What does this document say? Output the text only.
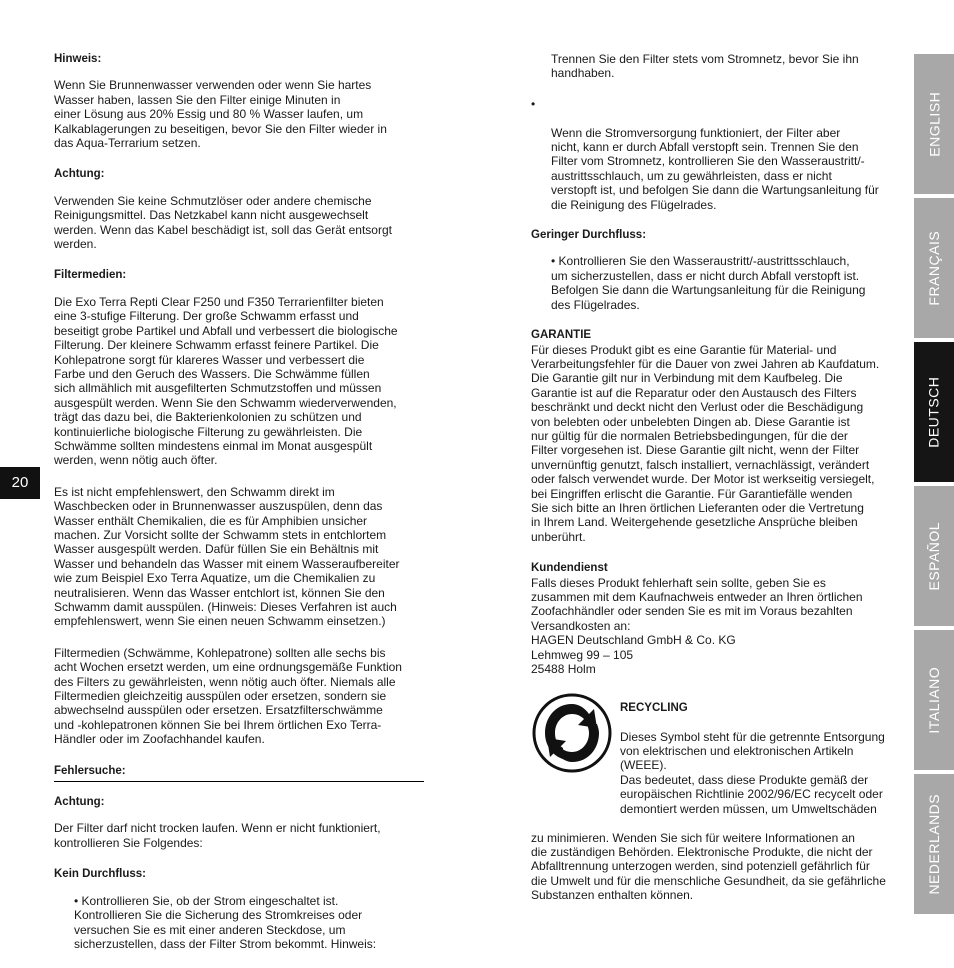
20
ENGLISH
FRANÇAIS
DEUTSCH
ESPAÑOL
ITALIANO
NEDERLANDS

Hinweis:

Wenn Sie Brunnenwasser verwenden oder wenn Sie hartes
Wasser haben, lassen Sie den Filter einige Minuten in
einer Lösung aus 20% Essig und 80 % Wasser laufen, um
Kalkablagerungen zu beseitigen, bevor Sie den Filter wieder in
das Aqua-Terrarium setzen.

Achtung:

Verwenden Sie keine Schmutzlöser oder andere chemische
Reinigungsmittel. Das Netzkabel kann nicht ausgewechselt
werden. Wenn das Kabel beschädigt ist, soll das Gerät entsorgt
werden.

Filtermedien:

Die Exo Terra Repti Clear F250 und F350 Terrarienfilter bieten
eine 3-stufige Filterung. Der große Schwamm erfasst und
beseitigt grobe Partikel und Abfall und verbessert die biologische
Filterung. Der kleinere Schwamm erfasst feinere Partikel. Die
Kohlepatrone sorgt für klareres Wasser und verbessert die
Farbe und den Geruch des Wassers. Die Schwämme füllen
sich allmählich mit ausgefilterten Schmutzstoffen und müssen
ausgespült werden. Wenn Sie den Schwamm wiederverwenden,
trägt das dazu bei, die Bakterienkolonien zu schützen und
kontinuierliche biologische Filterung zu gewährleisten. Die
Schwämme sollten mindestens einmal im Monat ausgespült
werden, wenn nötig auch öfter.

Es ist nicht empfehlenswert, den Schwamm direkt im
Waschbecken oder in Brunnenwasser auszuspülen, denn das
Wasser enthält Chemikalien, die es für Amphibien unsicher
machen. Zur Vorsicht sollte der Schwamm stets in entchlortem
Wasser ausgespült werden. Dafür füllen Sie ein Behältnis mit
Wasser und behandeln das Wasser mit einem Wasseraufbereiter
wie zum Beispiel Exo Terra Aquatize, um die Chemikalien zu
neutralisieren. Wenn das Wasser entchlort ist, können Sie den
Schwamm damit ausspülen. (Hinweis: Dieses Verfahren ist auch
empfehlenswert, wenn Sie einen neuen Schwamm einsetzen.)

Filtermedien (Schwämme, Kohlepatrone) sollten alle sechs bis
acht Wochen ersetzt werden, um eine ordnungsgemäße Funktion
des Filters zu gewährleisten, wenn nötig auch öfter. Niemals alle
Filtermedien gleichzeitig ausspülen oder ersetzen, sondern sie
abwechselnd ausspülen oder ersetzen. Ersatzfilterschwämme
und -kohlepatronen können Sie bei Ihrem örtlichen Exo Terra-
Händler oder im Zoofachhandel kaufen.

Fehlersuche:

Achtung:

Der Filter darf nicht trocken laufen. Wenn er nicht funktioniert,
kontrollieren Sie Folgendes:

Kein Durchfluss:

• Kontrollieren Sie, ob der Strom eingeschaltet ist.
Kontrollieren Sie die Sicherung des Stromkreises oder
versuchen Sie es mit einer anderen Steckdose, um
sicherzustellen, dass der Filter Strom bekommt. Hinweis:

Trennen Sie den Filter stets vom Stromnetz, bevor Sie ihn
handhaben.

•

Wenn die Stromversorgung funktioniert, der Filter aber
nicht, kann er durch Abfall verstopft sein. Trennen Sie den
Filter vom Stromnetz, kontrollieren Sie den Wasseraustritt/-
austrittsschlauch, um zu gewährleisten, dass er nicht
verstopft ist, und befolgen Sie dann die Wartungsanleitung für
die Reinigung des Flügelrades.

Geringer Durchfluss:

• Kontrollieren Sie den Wasseraustritt/-austrittsschlauch,
um sicherzustellen, dass er nicht durch Abfall verstopft ist.
Befolgen Sie dann die Wartungsanleitung für die Reinigung
des Flügelrades.

GARANTIE

Für dieses Produkt gibt es eine Garantie für Material- und
Verarbeitungsfehler für die Dauer von zwei Jahren ab Kaufdatum.
Die Garantie gilt nur in Verbindung mit dem Kaufbeleg. Die
Garantie ist auf die Reparatur oder den Austausch des Filters
beschränkt und deckt nicht den Verlust oder die Beschädigung
von belebten oder unbelebten Dingen ab. Diese Garantie ist
nur gültig für die normalen Betriebsbedingungen, für die der
Filter vorgesehen ist. Diese Garantie gilt nicht, wenn der Filter
unvernünftig genutzt, falsch installiert, vernachlässigt, verändert
oder falsch verwendet wurde. Der Motor ist werkseitig versiegelt,
bei Eingriffen erlischt die Garantie. Für Garantiefälle wenden
Sie sich bitte an Ihren örtlichen Lieferanten oder die Vertretung
in Ihrem Land. Weitergehende gesetzliche Ansprüche bleiben
unberührt.

Kundendienst

Falls dieses Produkt fehlerhaft sein sollte, geben Sie es
zusammen mit dem Kaufnachweis entweder an Ihren örtlichen
Zoofachhändler oder senden Sie es mit im Voraus bezahlten
Versandkosten an:
HAGEN Deutschland GmbH & Co. KG
Lehmweg 99 – 105
25488 Holm

RECYCLING

Dieses Symbol steht für die getrennte Entsorgung
von elektrischen und elektronischen Artikeln (WEEE).
Das bedeutet, dass diese Produkte gemäß der
europäischen Richtlinie 2002/96/EC recycelt oder
demontiert werden müssen, um Umweltschäden

zu minimieren. Wenden Sie sich für weitere Informationen an
die zuständigen Behörden. Elektronische Produkte, die nicht der
Abfalltrennung unterzogen werden, sind potenziell gefährlich für
die Umwelt und für die menschliche Gesundheit, da sie gefährliche
Substanzen enthalten können.
